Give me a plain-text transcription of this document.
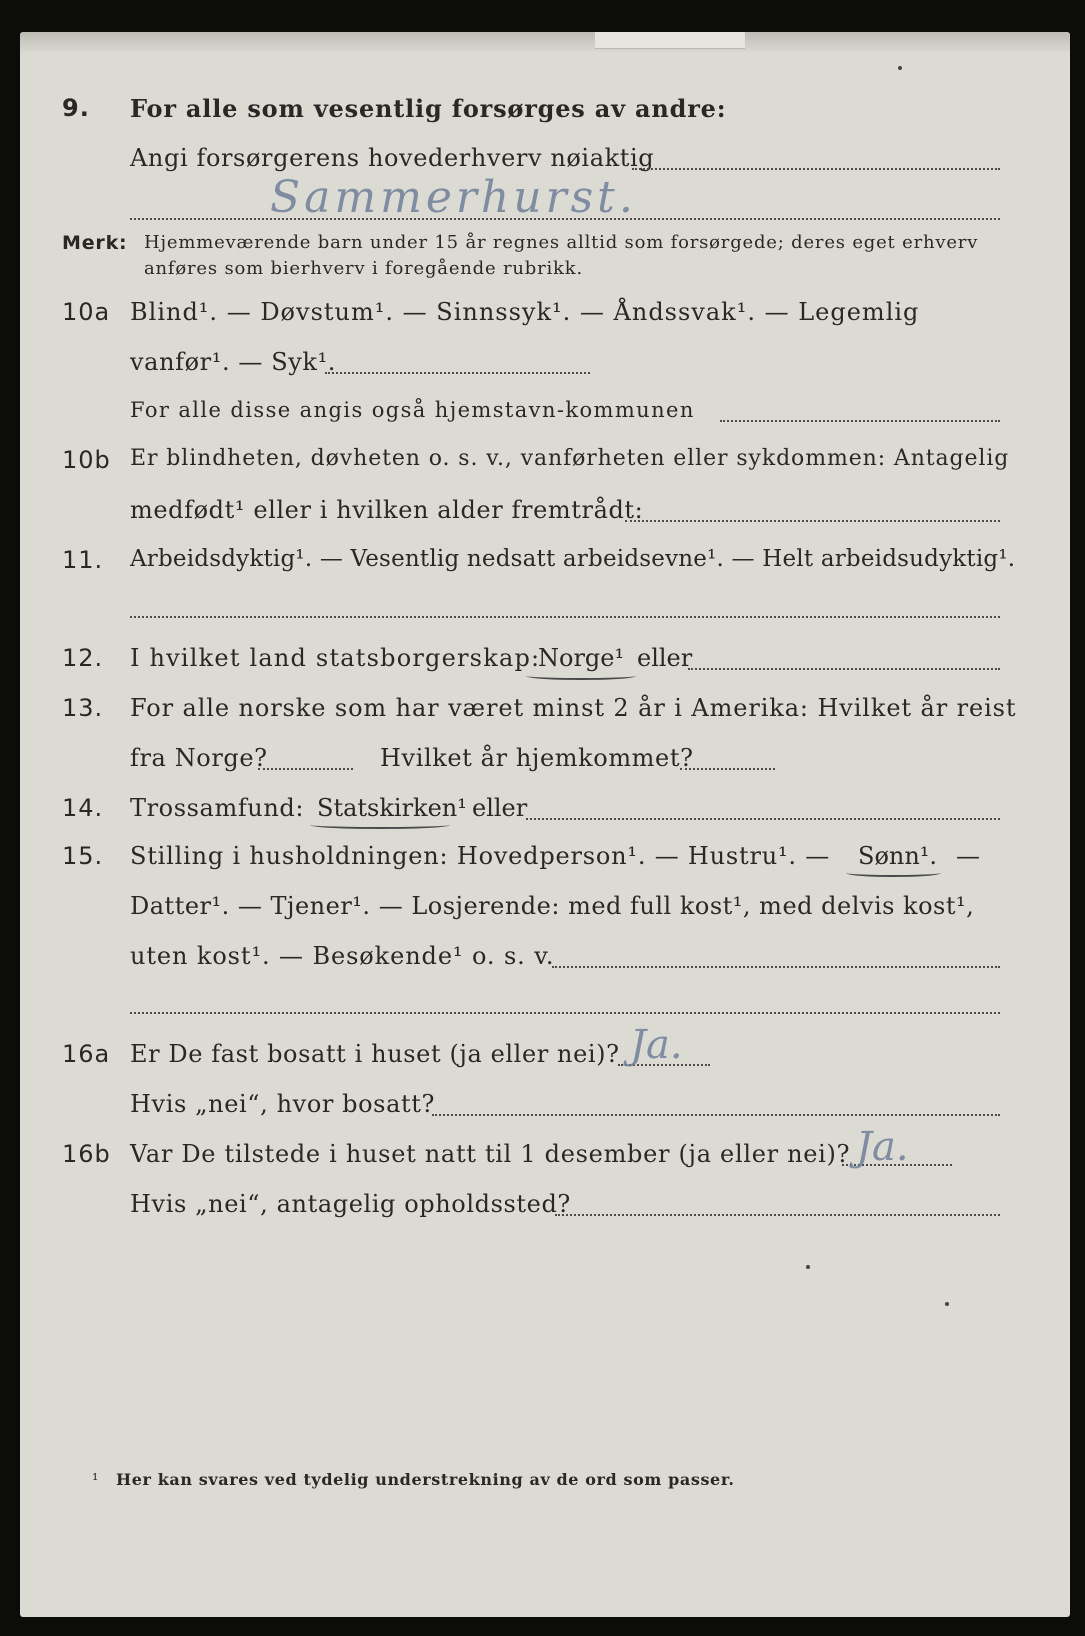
9. For alle som vesentlig forsørges av andre:
Angi forsørgerens hovederhverv nøiaktig
Sammerhurst.
Merk: Hjemmeværende barn under 15 år regnes alltid som forsørgede; deres eget erhverv
anføres som bierhverv i foregående rubrikk.
10a Blind¹. — Døvstum¹. — Sinnssyk¹. — Åndssvak¹. — Legemlig
vanfør¹. — Syk¹.
For alle disse angis også hjemstavn-kommunen
10b Er blindheten, døvheten o. s. v., vanførheten eller sykdommen: Antagelig
medfødt¹ eller i hvilken alder fremtrådt:
11. Arbeidsdyktig¹. — Vesentlig nedsatt arbeidsevne¹. — Helt arbeidsudyktig¹.
12. I hvilket land statsborgerskap:
Norge¹ eller
13. For alle norske som har været minst 2 år i Amerika: Hvilket år reist
fra Norge?	Hvilket år hjemkommet?
14. Trossamfund: Statskirken¹ eller
15. Stilling i husholdningen: Hovedperson¹. — Hustru¹. — Sønn¹. —
Datter¹. — Tjener¹. — Losjerende: med full kost¹, med delvis kost¹,
uten kost¹. — Besøkende¹ o. s. v.
16a Er De fast bosatt i huset (ja eller nei)? Ja.
Hvis „nei“, hvor bosatt?
16b Var De tilstede i huset natt til 1 desember (ja eller nei)? Ja.
Hvis „nei“, antagelig opholdssted?
¹ Her kan svares ved tydelig understrekning av de ord som passer.
